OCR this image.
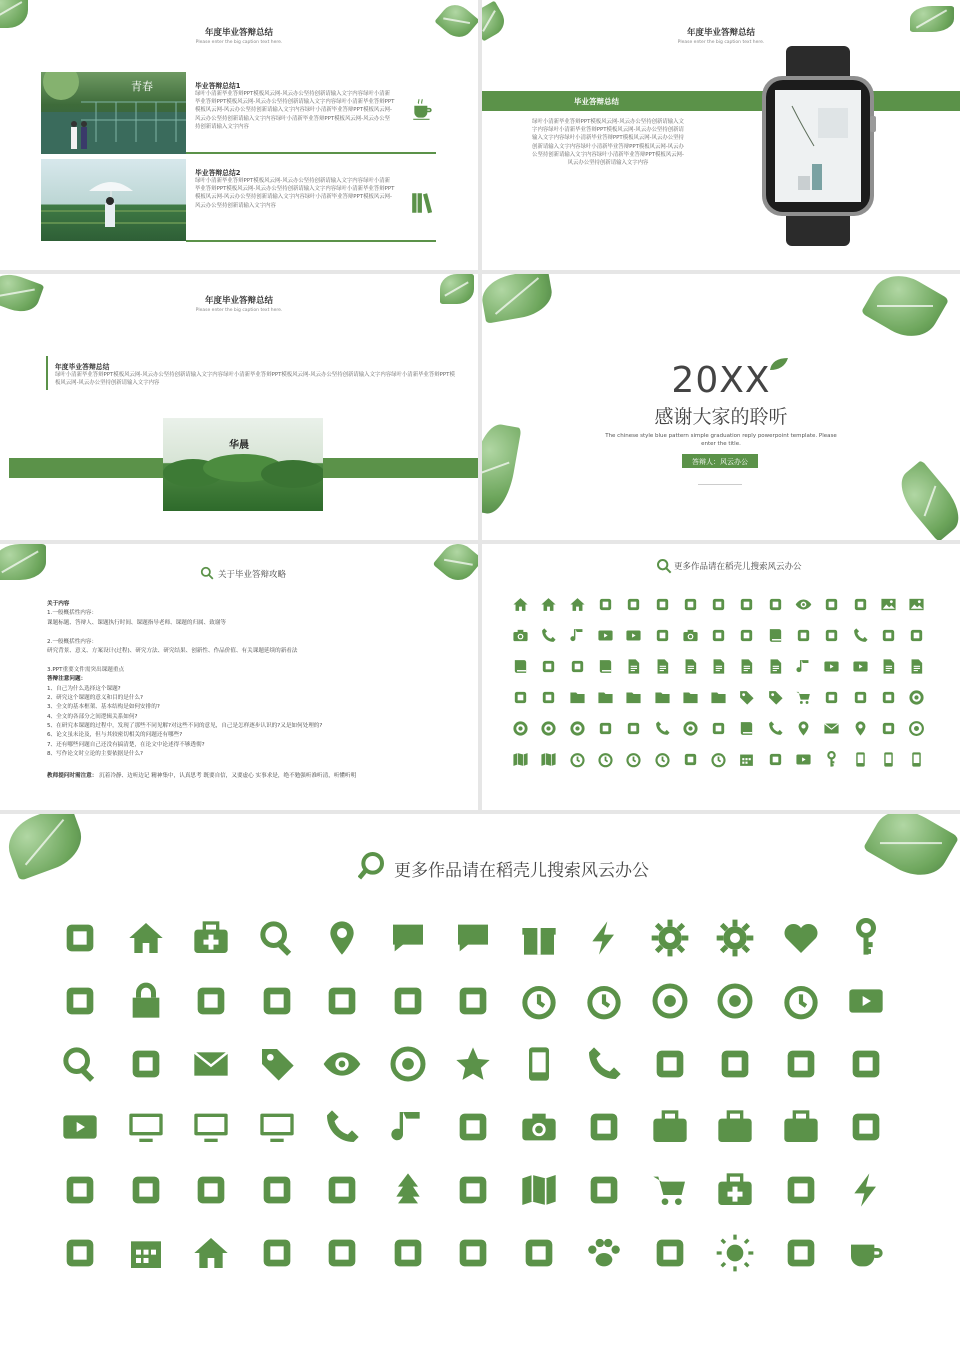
年度毕业答辩总结
Please enter the big caption text here.
青春	毕业答辩总结1
绿叶小清新毕业答辩PPT模板风云网-风云办公坚持创新请输入文字内容绿叶小清新毕业答辩PPT模板风云网-风云办公坚持创新请输入文字内容绿叶小清新毕业答辩PPT模板风云网-风云办公坚持创新请输入文字内容绿叶小清新毕业答辩PPT模板风云网-风云办公坚持创新请输入文字内容绿叶小清新毕业答辩PPT模板风云网-风云办公坚持创新请输入文字内容
毕业答辩总结2
绿叶小清新毕业答辩PPT模板风云网-风云办公坚持创新请输入文字内容绿叶小清新毕业答辩PPT模板风云网-风云办公坚持创新请输入文字内容绿叶小清新毕业答辩PPT模板风云网-风云办公坚持创新请输入文字内容绿叶小清新毕业答辩PPT模板风云网-风云办公坚持创新请输入文字内容
年度毕业答辩总结
Please enter the big caption text here.
毕业答辩总结
绿叶小清新毕业答辩PPT模板风云网-风云办公坚持创新请输入文字内容绿叶小清新毕业答辩PPT模板风云网-风云办公坚持创新请输入文字内容绿叶小清新毕业答辩PPT模板风云网-风云办公坚持创新请输入文字内容绿叶小清新毕业答辩PPT模板风云网-风云办公坚持创新请输入文字内容绿叶小清新毕业答辩PPT模板风云网-风云办公坚持创新请输入文字内容
年度毕业答辩总结
Please enter the big caption text here.
年度毕业答辩总结
绿叶小清新毕业答辩PPT模板风云网-风云办公坚持创新请输入文字内容绿叶小清新毕业答辩PPT模板风云网-风云办公坚持创新请输入文字内容绿叶小清新毕业答辩PPT模板风云网-风云办公坚持创新请输入文字内容
华晨
20XX
感谢大家的聆听
The chinese style blue pattern simple graduation reply powerpoint template. Please enter the title.
答辩人：风云办公
关于毕业答辩攻略
关于内容
1.一般概括性内容：
课题标题、答辩人、课题执行时间、课题指导老师、课题的归属、致谢等
2.一般概括性内容：
研究背景、意义、方案设计(过程)、研究方法、研究结果、创新性、作品价值、有关课题延续的新看法
3.PPT重要文件需突出课题重点
答辩注意问题：
1、自己为什么选择这个课题?
2、研究这个课题的意义和目的是什么?
3、全文的基本框架、基本结构是如何安排的?
4、全文的各部分之间逻辑关系如何?
5、在研究本课题的过程中，发现了那些不同见解?对这些不同的意见，自己是怎样逐步认识的?又是如何处理的?
6、论文虽未论及，但与其较密切相关的问题还有哪些?
7、还有哪些问题自己还没有搞清楚，在论文中论述得不够透彻?
8、写作论文时立论的主要依据是什么?
教师提问时需注意： 沉着冷静、边听边记 精神集中，认真思考 既要自信，又要虚心 实事求是，绝不勉强听准听清，听懂听明
更多作品请在稻壳儿搜索风云办公
更多作品请在稻壳儿搜索风云办公
